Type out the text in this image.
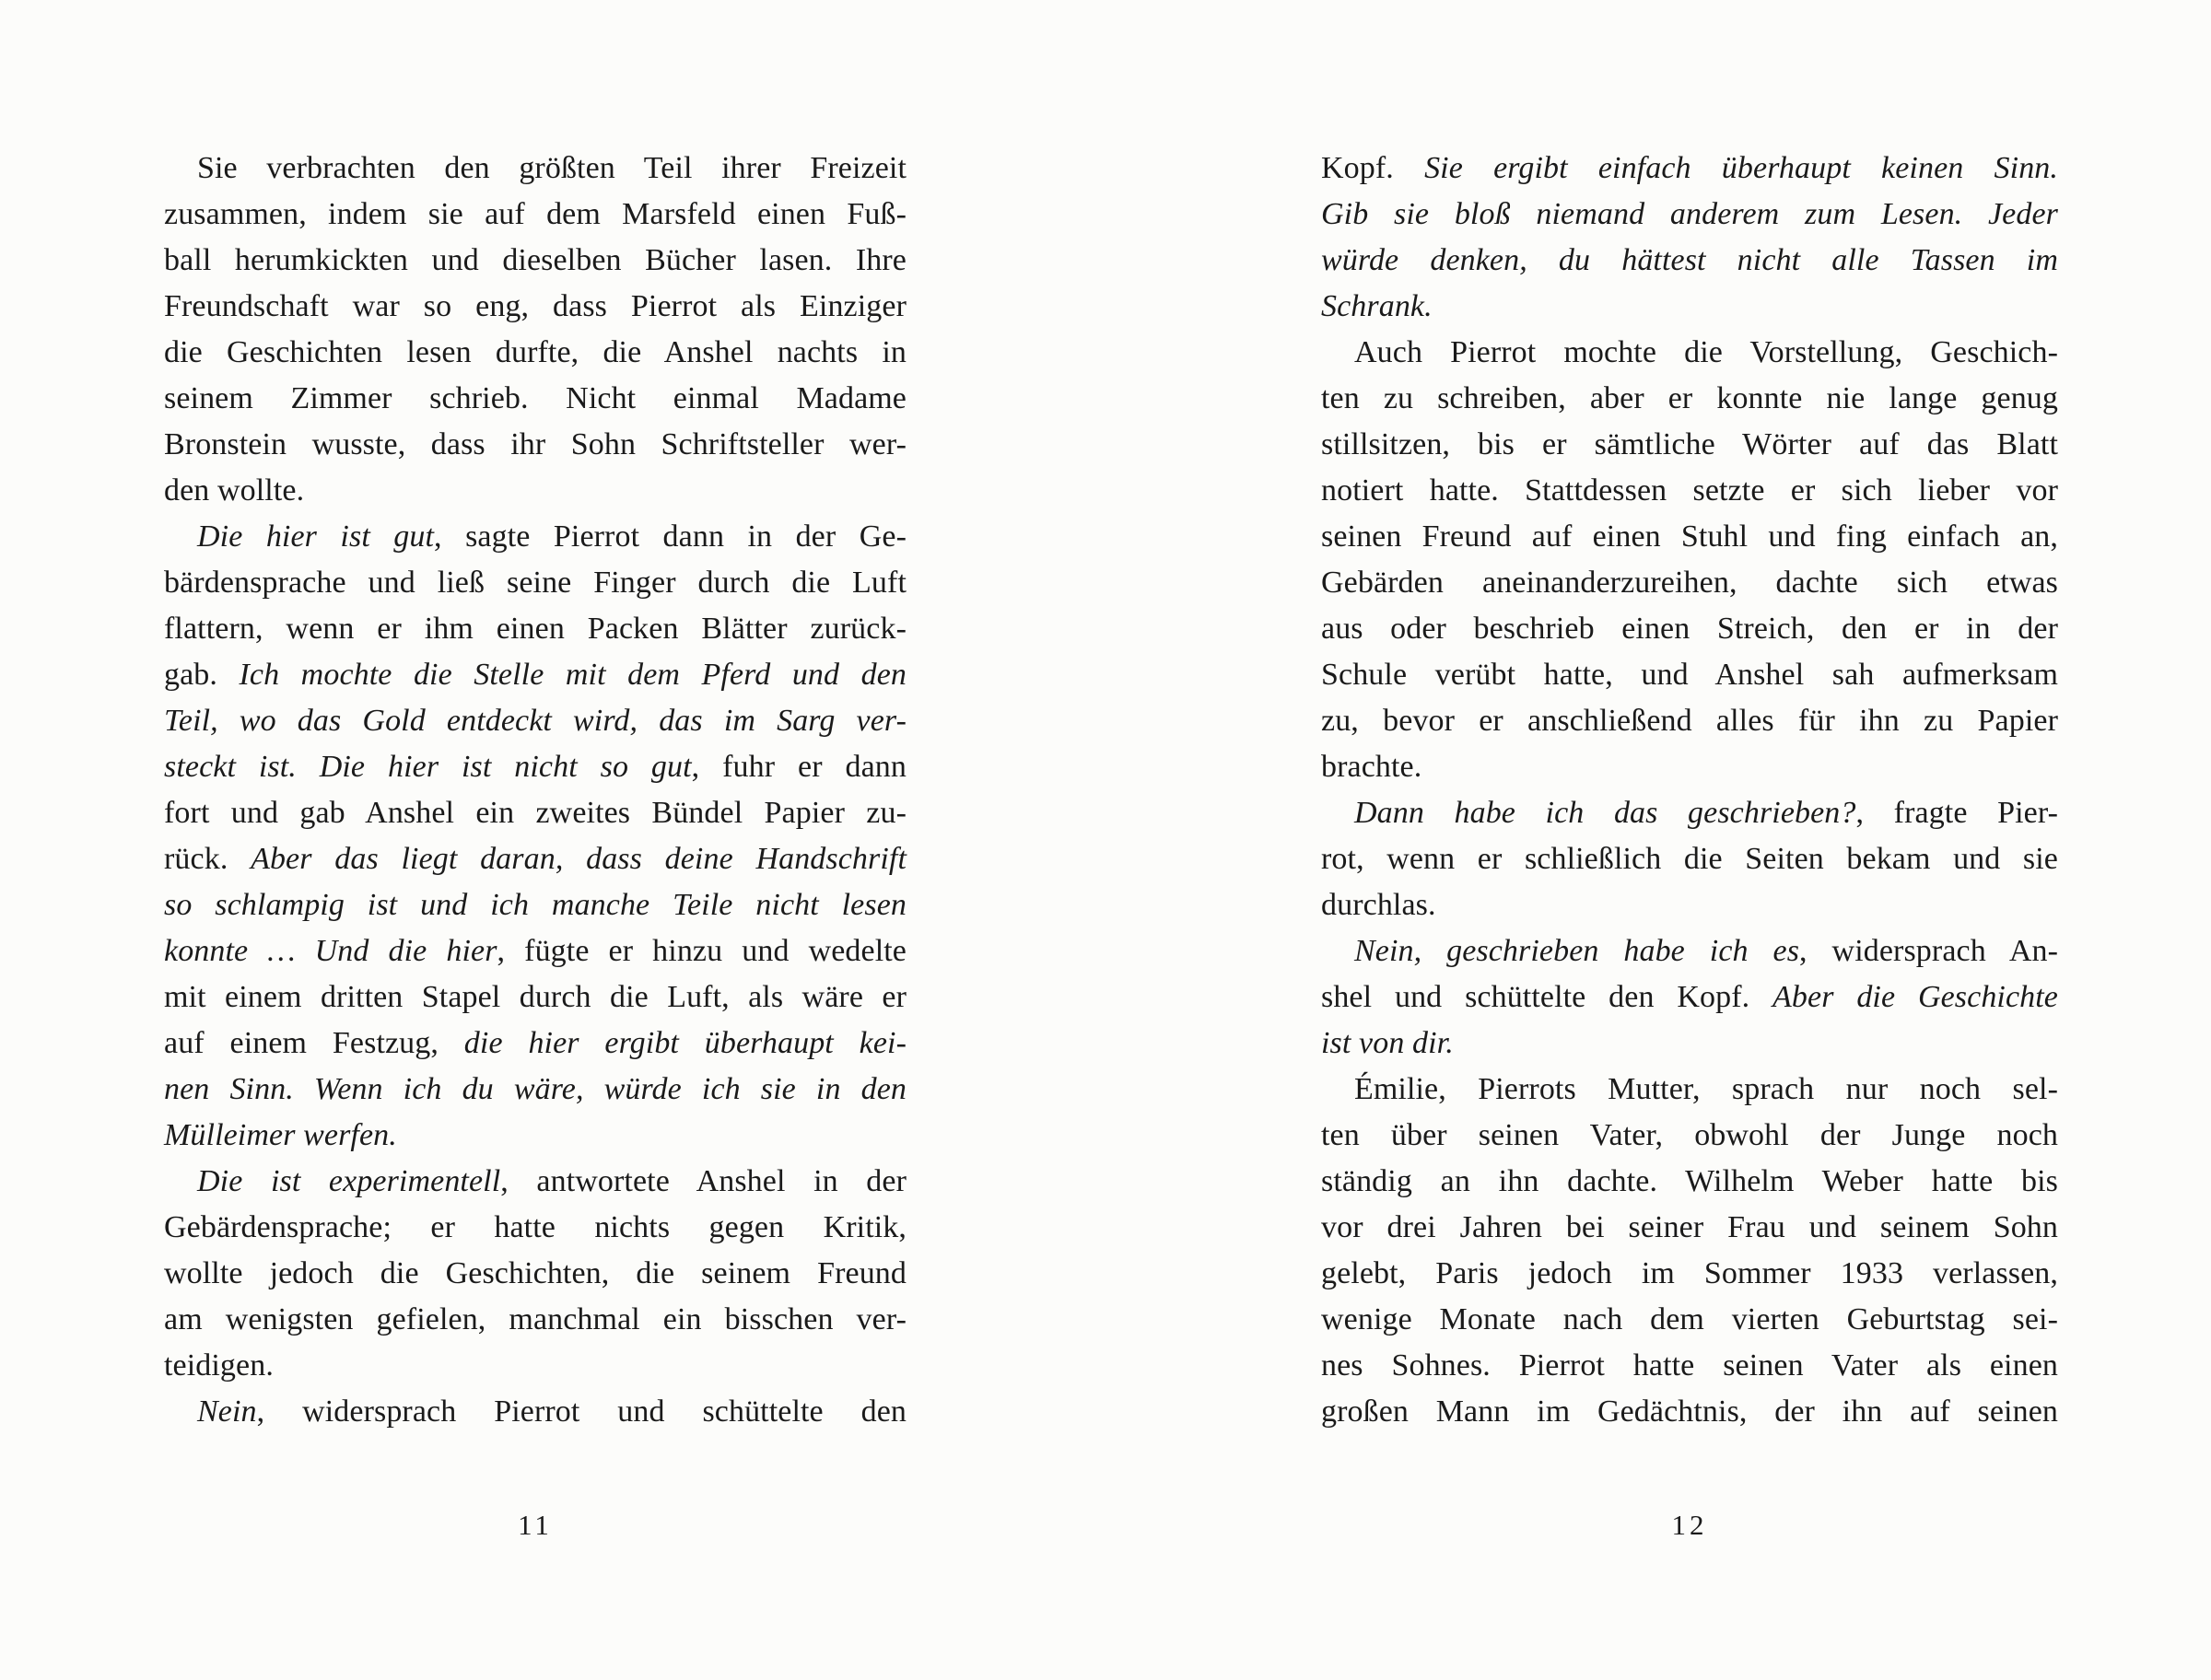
Sie verbrachten den größten Teil ihrer Freizeit
zusammen, indem sie auf dem Marsfeld einen Fuß-
ball herumkickten und dieselben Bücher lasen. Ihre
Freundschaft war so eng, dass Pierrot als Einziger
die Geschichten lesen durfte, die Anshel nachts in
seinem Zimmer schrieb. Nicht einmal Madame
Bronstein wusste, dass ihr Sohn Schriftsteller wer-
den wollte.
Die hier ist gut, sagte Pierrot dann in der Ge-
bärdensprache und ließ seine Finger durch die Luft
flattern, wenn er ihm einen Packen Blätter zurück-
gab. Ich mochte die Stelle mit dem Pferd und den
Teil, wo das Gold entdeckt wird, das im Sarg ver-
steckt ist. Die hier ist nicht so gut, fuhr er dann
fort und gab Anshel ein zweites Bündel Papier zu-
rück. Aber das liegt daran, dass deine Handschrift
so schlampig ist und ich manche Teile nicht lesen
konnte … Und die hier, fügte er hinzu und wedelte
mit einem dritten Stapel durch die Luft, als wäre er
auf einem Festzug, die hier ergibt überhaupt kei-
nen Sinn. Wenn ich du wäre, würde ich sie in den
Mülleimer werfen.
Die ist experimentell, antwortete Anshel in der
Gebärdensprache; er hatte nichts gegen Kritik,
wollte jedoch die Geschichten, die seinem Freund
am wenigsten gefielen, manchmal ein bisschen ver-
teidigen.
Nein, widersprach Pierrot und schüttelte den
Kopf. Sie ergibt einfach überhaupt keinen Sinn.
Gib sie bloß niemand anderem zum Lesen. Jeder
würde denken, du hättest nicht alle Tassen im
Schrank.
Auch Pierrot mochte die Vorstellung, Geschich-
ten zu schreiben, aber er konnte nie lange genug
stillsitzen, bis er sämtliche Wörter auf das Blatt
notiert hatte. Stattdessen setzte er sich lieber vor
seinen Freund auf einen Stuhl und fing einfach an,
Gebärden aneinanderzureihen, dachte sich etwas
aus oder beschrieb einen Streich, den er in der
Schule verübt hatte, und Anshel sah aufmerksam
zu, bevor er anschließend alles für ihn zu Papier
brachte.
Dann habe ich das geschrieben?, fragte Pier-
rot, wenn er schließlich die Seiten bekam und sie
durchlas.
Nein, geschrieben habe ich es, widersprach An-
shel und schüttelte den Kopf. Aber die Geschichte
ist von dir.
Émilie, Pierrots Mutter, sprach nur noch sel-
ten über seinen Vater, obwohl der Junge noch
ständig an ihn dachte. Wilhelm Weber hatte bis
vor drei Jahren bei seiner Frau und seinem Sohn
gelebt, Paris jedoch im Sommer 1933 verlassen,
wenige Monate nach dem vierten Geburtstag sei-
nes Sohnes. Pierrot hatte seinen Vater als einen
großen Mann im Gedächtnis, der ihn auf seinen
11	12
